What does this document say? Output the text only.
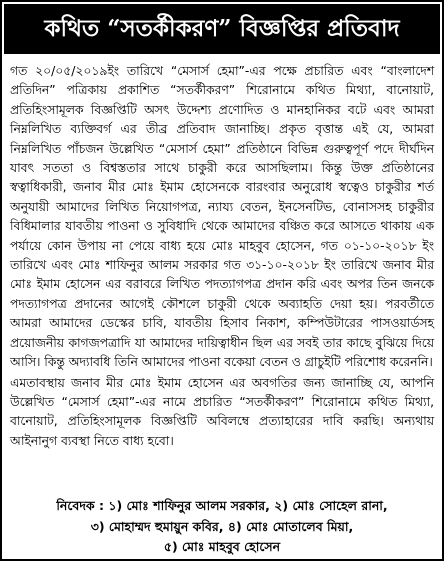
কথিত “সতর্কীকরণ” বিজ্ঞপ্তির প্রতিবাদ

গত ২০/০৫/২০১৯ইং তারিখে “মেসার্স হেমা”-এর পক্ষে প্রচারিত এবং “বাংলাদেশ প্রতিদিন” পত্রিকায় প্রকাশিত “সতর্কীকরণ” শিরোনামে কথিত মিথ্যা, বানোয়াট, প্রতিহিংসামূলক বিজ্ঞপ্তিটি অসৎ উদ্দেশ্য প্রণোদিত ও মানহানিকর বটে এবং আমরা নিম্নলিখিত ব্যক্তিবর্গ এর তীব্র প্রতিবাদ জানাচ্ছি। প্রকৃত বৃত্তান্ত এই যে, আমরা নিম্নলিখিত পাঁচজন উল্লেখিত “মেসার্স হেমা” প্রতিষ্ঠানে বিভিন্ন গুরুত্বপূর্ণ পদে দীর্ঘদিন যাবৎ সততা ও বিশ্বস্ততার সাথে চাকুরী করে আসছিলাম। কিন্তু উক্ত প্রতিষ্ঠানের স্বত্বাধিকারী, জনাব মীর মোঃ ইমাম হোসেনকে বারংবার অনুরোধ স্বত্বেও চাকুরীর শর্ত অনুযায়ী আমাদের লিখিত নিয়োগপত্র, ন্যায্য বেতন, ইনসেনটিভ, বোনাসসহ চাকুরীর বিধিমালার যাবতীয় পাওনা ও সুবিধাদি থেকে আমাদের বঞ্চিত করে আসতে থাকায় এক পর্যায়ে কোন উপায় না পেয়ে বাধ্য হয়ে মোঃ মাহবুব হোসেন, গত ০১-১০-২০১৮ ইং তারিখে এবং মোঃ শাফিনুর আলম সরকার গত ৩১-১০-২০১৮ ইং তারিখে জনাব মীর মোঃ ইমাম হোসেন এর বরাবরে লিখিত পদত্যাগপত্র প্রদান করি এবং অপর তিন জনকে পদত্যাগপত্র প্রদানের আগেই কৌশলে চাকুরী থেকে অব্যাহতি দেয়া হয়। পরবর্তীতে আমরা আমাদের ডেস্কের চাবি, যাবতীয় হিসাব নিকাশ, কম্পিউটারের পাসওয়ার্ডসহ প্রয়োজনীয় কাগজপত্রাদি যা আমাদের দায়িত্বাধীন ছিল এর সবই তার কাছে বুঝিয়ে দিয়ে আসি। কিন্তু অদ্যাবধি তিনি আমাদের পাওনা বকেয়া বেতন ও গ্রাচুইটি পরিশোধ করেননি।

এমতাবস্থায় জনাব মীর মোঃ ইমাম হোসেন এর অবগতির জন্য জানাচ্ছি যে, আপনি উল্লেখিত “মেসার্স হেমা”-এর নামে প্রচারিত “সতর্কীকরণ” শিরোনামে কথিত মিথ্যা, বানোয়াট, প্রতিহিংসামূলক বিজ্ঞপ্তিটি অবিলম্বে প্রত্যাহারের দাবি করছি। অন্যথায় আইনানুগ ব্যবস্থা নিতে বাধ্য হবো।

নিবেদক : ১) মোঃ শাফিনুর আলম সরকার, ২) মোঃ সোহেল রানা,
৩) মোহাম্মদ হুমায়ুন কবির, ৪) মোঃ মোতালেব মিয়া,
৫) মোঃ মাহবুব হোসেন
